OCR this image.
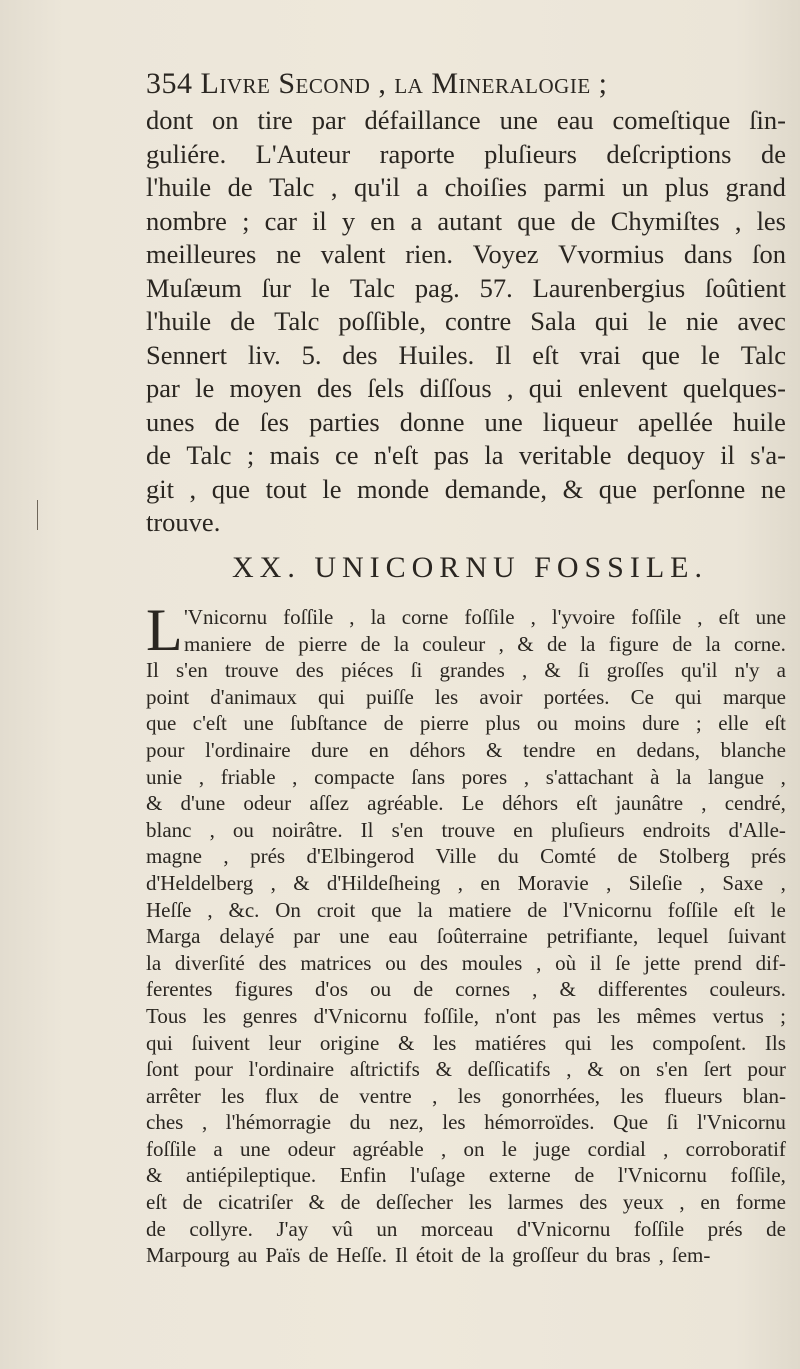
354 Livre Second , la Mineralogie ;
dont on tire par défaillance une eau comeſtique ſin-
guliére. L'Auteur raporte pluſieurs deſcriptions de
l'huile de Talc , qu'il a choiſies parmi un plus grand
nombre ; car il y en a autant que de Chymiſtes , les
meilleures ne valent rien. Voyez Vvormius dans ſon
Muſæum ſur le Talc pag. 57. Laurenbergius ſoûtient
l'huile de Talc poſſible, contre Sala qui le nie avec
Sennert liv. 5. des Huiles. Il eſt vrai que le Talc
par le moyen des ſels diſſous , qui enlevent quelques-
unes de ſes parties donne une liqueur apellée huile
de Talc ; mais ce n'eſt pas la veritable dequoy il s'a-
git , que tout le monde demande, & que perſonne ne
trouve.
XX. UNICORNU FOSSILE.
L 'Vnicornu foſſile , la corne foſſile , l'yvoire foſſile , eſt une
maniere de pierre de la couleur , & de la figure de la corne.
Il s'en trouve des piéces ſi grandes , & ſi groſſes qu'il n'y a
point d'animaux qui puiſſe les avoir portées. Ce qui marque
que c'eſt une ſubſtance de pierre plus ou moins dure ; elle eſt
pour l'ordinaire dure en déhors & tendre en dedans, blanche
unie , friable , compacte ſans pores , s'attachant à la langue ,
& d'une odeur aſſez agréable. Le déhors eſt jaunâtre , cendré,
blanc , ou noirâtre. Il s'en trouve en pluſieurs endroits d'Alle-
magne , prés d'Elbingerod Ville du Comté de Stolberg prés
d'Heldelberg , & d'Hildeſheing , en Moravie , Sileſie , Saxe ,
Heſſe , &c. On croit que la matiere de l'Vnicornu foſſile eſt le
Marga delayé par une eau ſoûterraine petrifiante, lequel ſuivant
la diverſité des matrices ou des moules , où il ſe jette prend dif-
ferentes figures d'os ou de cornes , & differentes couleurs.
Tous les genres d'Vnicornu foſſile, n'ont pas les mêmes vertus ;
qui ſuivent leur origine & les matiéres qui les compoſent. Ils
ſont pour l'ordinaire aſtrictifs & deſſicatifs , & on s'en ſert pour
arrêter les flux de ventre , les gonorrhées, les flueurs blan-
ches , l'hémorragie du nez, les hémorroïdes. Que ſi l'Vnicornu
foſſile a une odeur agréable , on le juge cordial , corroboratif
& antiépileptique. Enfin l'uſage externe de l'Vnicornu foſſile,
eſt de cicatriſer & de deſſecher les larmes des yeux , en forme
de collyre. J'ay vû un morceau d'Vnicornu foſſile prés de
Marpourg au Païs de Heſſe. Il étoit de la groſſeur du bras , ſem-
